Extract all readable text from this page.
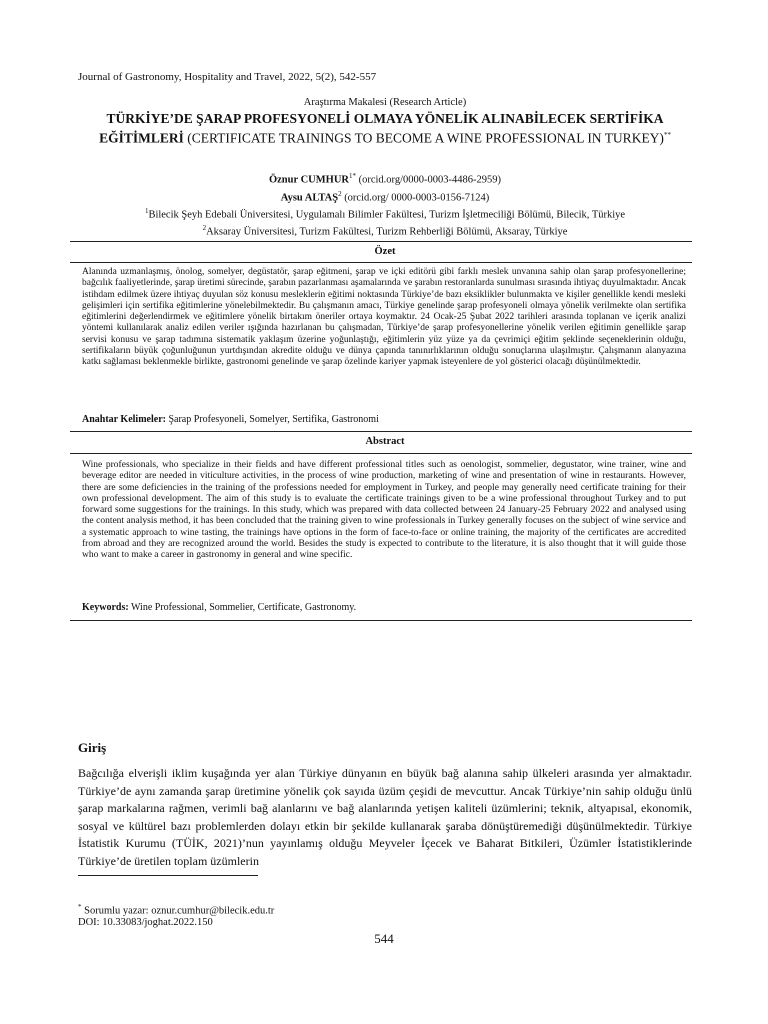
Journal of Gastronomy, Hospitality and Travel, 2022, 5(2), 542-557
Araştırma Makalesi (Research Article)
TÜRKİYE’DE ŞARAP PROFESYONELİ OLMAYA YÖNELİK ALINABİLECEK SERTİFİKA EĞİTİMLERİ (CERTIFICATE TRAININGS TO BECOME A WINE PROFESSIONAL IN TURKEY)**
Öznur $CUMHUR^{1*}$ (orcid.org/0000-0003-4486-2959)
Aysu ALTAŞ$^2$ (orcid.org/ 0000-0003-0156-7124)
$^1$Bilecik Şeyh Edebali Üniversitesi, Uygulamalı Bilimler Fakültesi, Turizm İşletmeciliği Bölümü, Bilecik, Türkiye
$^2$Aksaray Üniversitesi, Turizm Fakültesi, Turizm Rehberliği Bölümü, Aksaray, Türkiye
Özet
Alanında uzmanlaşmış, önolog, somelyer, degüstatör, şarap eğitmeni, şarap ve içki editörü gibi farklı meslek unvanına sahip olan şarap profesyonellerine; bağcılık faaliyetlerinde, şarap üretimi sürecinde, şarabın pazarlanması aşamalarında ve şarabın restoranlarda sunulması sırasında ihtiyaç duyulmaktadır. Ancak istihdam edilmek üzere ihtiyaç duyulan söz konusu mesleklerin eğitimi noktasında Türkiye’de bazı eksiklikler bulunmakta ve kişiler genellikle kendi mesleki gelişimleri için sertifika eğitimlerine yönelebilmektedir. Bu çalışmanın amacı, Türkiye genelinde şarap profesyoneli olmaya yönelik verilmekte olan sertifika eğitimlerini değerlendirmek ve eğitimlere yönelik birtakım öneriler ortaya koymaktır. 24 Ocak-25 Şubat 2022 tarihleri arasında toplanan ve içerik analizi yöntemi kullanılarak analiz edilen veriler ışığında hazırlanan bu çalışmadan, Türkiye’de şarap profesyonellerine yönelik verilen eğitimin genellikle şarap servisi konusu ve şarap tadımına sistematik yaklaşım üzerine yoğunlaştığı, eğitimlerin yüz yüze ya da çevrimiçi eğitim şeklinde seçeneklerinin olduğu, sertifikaların büyük çoğunluğunun yurtdışından akredite olduğu ve dünya çapında tanınırlıklarının olduğu sonuçlarına ulaşılmıştır. Çalışmanın alanyazına katkı sağlaması beklenmekle birlikte, gastronomi genelinde ve şarap özelinde kariyer yapmak isteyenlere de yol gösterici olacağı düşünülmektedir.
Anahtar Kelimeler: Şarap Profesyoneli, Somelyer, Sertifika, Gastronomi
Abstract
Wine professionals, who specialize in their fields and have different professional titles such as oenologist, sommelier, degustator, wine trainer, wine and beverage editor are needed in viticulture activities, in the process of wine production, marketing of wine and presentation of wine in restaurants. However, there are some deficiencies in the training of the professions needed for employment in Turkey, and people may generally need certificate training for their own professional development. The aim of this study is to evaluate the certificate trainings given to be a wine professional throughout Turkey and to put forward some suggestions for the trainings. In this study, which was prepared with data collected between 24 January-25 February 2022 and analysed using the content analysis method, it has been concluded that the training given to wine professionals in Turkey generally focuses on the subject of wine service and a systematic approach to wine tasting, the trainings have options in the form of face-to-face or online training, the majority of the certificates are accredited from abroad and they are recognized around the world. Besides the study is expected to contribute to the literature, it is also thought that it will guide those who want to make a career in gastronomy in general and wine specific.
Keywords: Wine Professional, Sommelier, Certificate, Gastronomy.
Giriş
Bağcılığa elverişli iklim kuşağında yer alan Türkiye dünyanın en büyük bağ alanına sahip ülkeleri arasında yer almaktadır. Türkiye’de aynı zamanda şarap üretimine yönelik çok sayıda üzüm çeşidi de mevcuttur. Ancak Türkiye’nin sahip olduğu ünlü şarap markalarına rağmen, verimli bağ alanlarını ve bağ alanlarında yetişen kaliteli üzümlerini; teknik, altyapısal, ekonomik, sosyal ve kültürel bazı problemlerden dolayı etkin bir şekilde kullanarak şaraba dönüştüremediği düşünülmektedir. Türkiye İstatistik Kurumu (TÜİK, 2021)’nun yayınlamış olduğu Meyveler İçecek ve Baharat Bitkileri, Üzümler İstatistiklerinde Türkiye’de üretilen toplam üzümlerin
* Sorumlu yazar: oznur.cumhur@bilecik.edu.tr
DOI: 10.33083/joghat.2022.150
544
